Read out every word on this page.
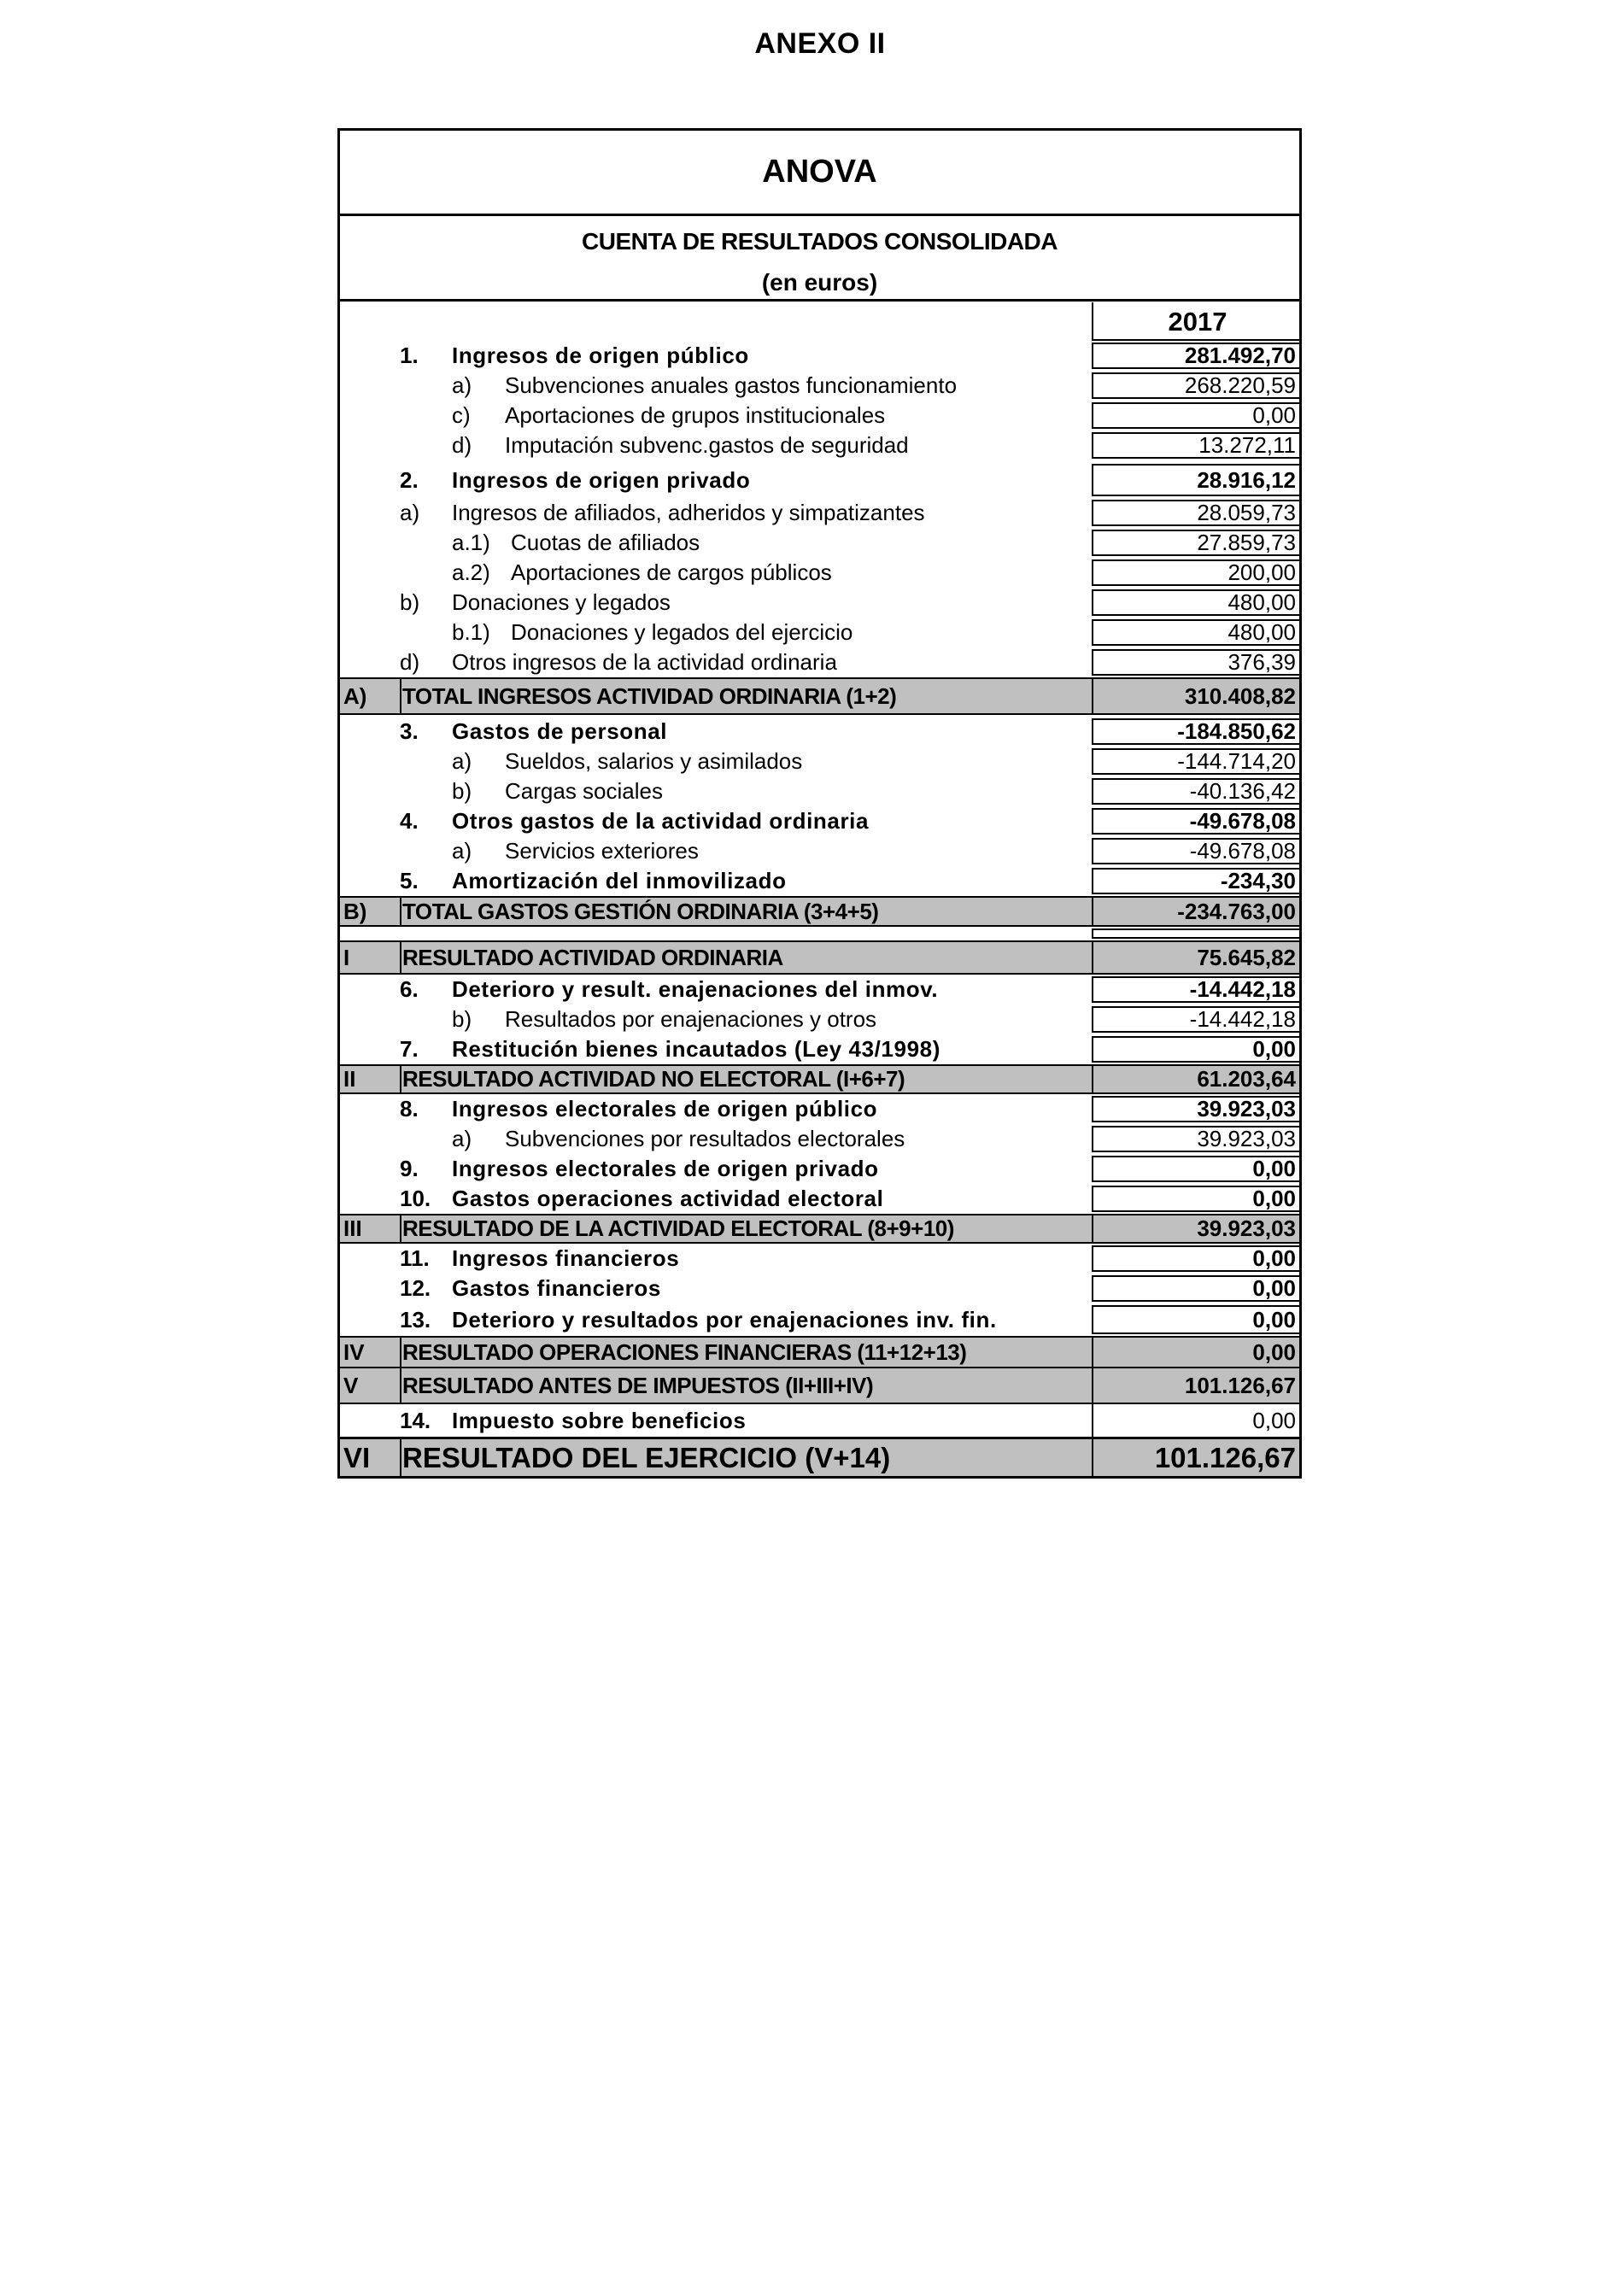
ANEXO II
ANOVA
CUENTA DE RESULTADOS CONSOLIDADA
(en euros)
2017
1. Ingresos de origen público	281.492,70
a) Subvenciones anuales gastos funcionamiento	268.220,59
c) Aportaciones de grupos institucionales	0,00
d) Imputación subvenc.gastos de seguridad	13.272,11
2. Ingresos de origen privado	28.916,12
a) Ingresos de afiliados, adheridos y simpatizantes	28.059,73
a.1) Cuotas de afiliados	27.859,73
a.2) Aportaciones de cargos públicos	200,00
b) Donaciones y legados	480,00
b.1) Donaciones y legados del ejercicio	480,00
d) Otros ingresos de la actividad ordinaria	376,39
A) TOTAL INGRESOS ACTIVIDAD ORDINARIA (1+2)	310.408,82
3. Gastos de personal	-184.850,62
a) Sueldos, salarios y asimilados	-144.714,20
b) Cargas sociales	-40.136,42
4. Otros gastos de la actividad ordinaria	-49.678,08
a) Servicios exteriores	-49.678,08
5. Amortización del inmovilizado	-234,30
B) TOTAL GASTOS GESTIÓN ORDINARIA (3+4+5)	-234.763,00
I RESULTADO ACTIVIDAD ORDINARIA	75.645,82
6. Deterioro y result. enajenaciones del inmov.	-14.442,18
b) Resultados por enajenaciones y otros	-14.442,18
7. Restitución bienes incautados (Ley 43/1998)	0,00
II RESULTADO ACTIVIDAD NO ELECTORAL (I+6+7)	61.203,64
8. Ingresos electorales de origen público	39.923,03
a) Subvenciones por resultados electorales	39.923,03
9. Ingresos electorales de origen privado	0,00
10. Gastos operaciones actividad electoral	0,00
III RESULTADO DE LA ACTIVIDAD ELECTORAL (8+9+10)	39.923,03
11. Ingresos financieros	0,00
12. Gastos financieros	0,00
13. Deterioro y resultados por enajenaciones inv. fin.	0,00
IV RESULTADO OPERACIONES FINANCIERAS (11+12+13)	0,00
V RESULTADO ANTES DE IMPUESTOS (II+III+IV)	101.126,67
14. Impuesto sobre beneficios	0,00
VI RESULTADO DEL EJERCICIO (V+14)	101.126,67
